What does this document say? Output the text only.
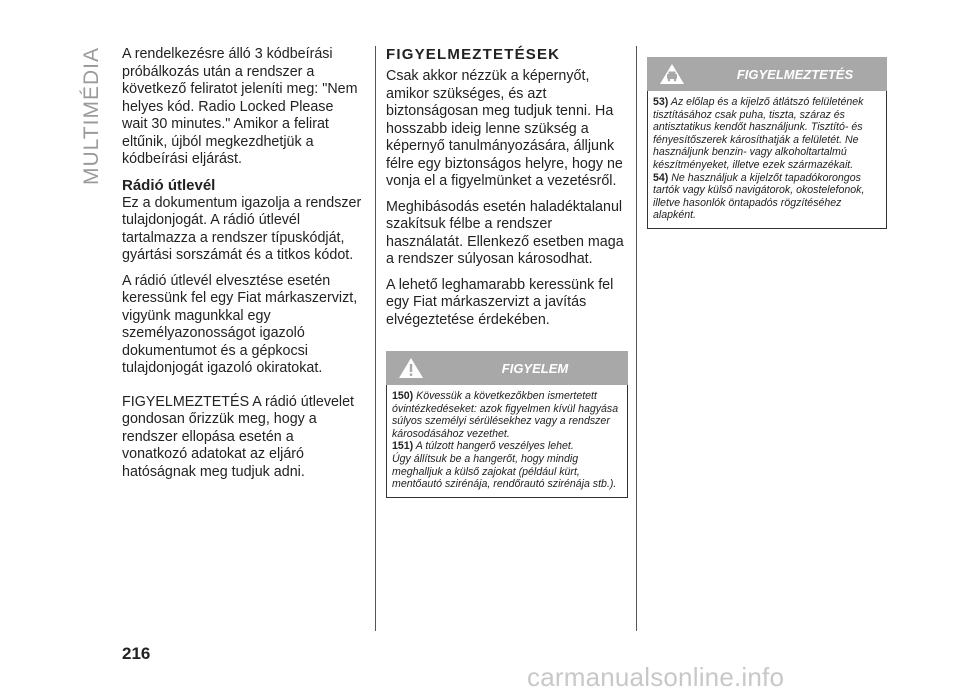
MULTIMÉDIA A rendelkezésre álló 3 kódbeírási próbálkozás után a rendszer a következő feliratot jeleníti meg: "Nem helyes kód. Radio Locked Please wait 30 minutes." Amikor a felirat eltűnik, újból megkezdhetjük a kódbeírási eljárást.

Rádió útlevél

Ez a dokumentum igazolja a rendszer tulajdonjogát. A rádió útlevél tartalmazza a rendszer típuskódját, gyártási sorszámát és a titkos kódot.

A rádió útlevél elvesztése esetén keressünk fel egy Fiat márkaszervizt, vigyünk magunkkal egy személyazonosságot igazoló dokumentumot és a gépkocsi tulajdonjogát igazoló okiratokat.

FIGYELMEZTETÉS A rádió útlevelet gondosan őrizzük meg, hogy a rendszer ellopása esetén a vonatkozó adatokat az eljáró hatóságnak meg tudjuk adni.

FIGYELMEZTETÉSEK

Csak akkor nézzük a képernyőt, amikor szükséges, és azt biztonságosan meg tudjuk tenni. Ha hosszabb ideig lenne szükség a képernyő tanulmányozására, álljunk félre egy biztonságos helyre, hogy ne vonja el a figyelmünket a vezetésről.

Meghibásodás esetén haladéktalanul szakítsuk félbe a rendszer használatát. Ellenkező esetben maga a rendszer súlyosan károsodhat.

A lehető leghamarabb keressünk fel egy Fiat márkaszervizt a javítás elvégeztetése érdekében.

FIGYELEM

150) Kövessük a következőkben ismertetett óvintézkedéseket: azok figyelmen kívül hagyása súlyos személyi sérülésekhez vagy a rendszer károsodásához vezethet.

151) A túlzott hangerő veszélyes lehet.

Úgy állítsuk be a hangerőt, hogy mindig meghalljuk a külső zajokat (például kürt, mentőautó szirénája, rendőrautó szirénája stb.).

FIGYELMEZTETÉS

53) Az előlap és a kijelző átlátszó felületének tisztításához csak puha, tiszta, száraz és antisztatikus kendőt használjunk. Tisztító- és fényesítőszerek károsíthatják a felületét. Ne használjunk benzin- vagy alkoholtartalmú készítményeket, illetve ezek származékait.

54) Ne használjuk a kijelzőt tapadókorongos tartók vagy külső navigátorok, okostelefonok, illetve hasonlók öntapadós rögzítéséhez alapként.

216
carmanualsonline.info
